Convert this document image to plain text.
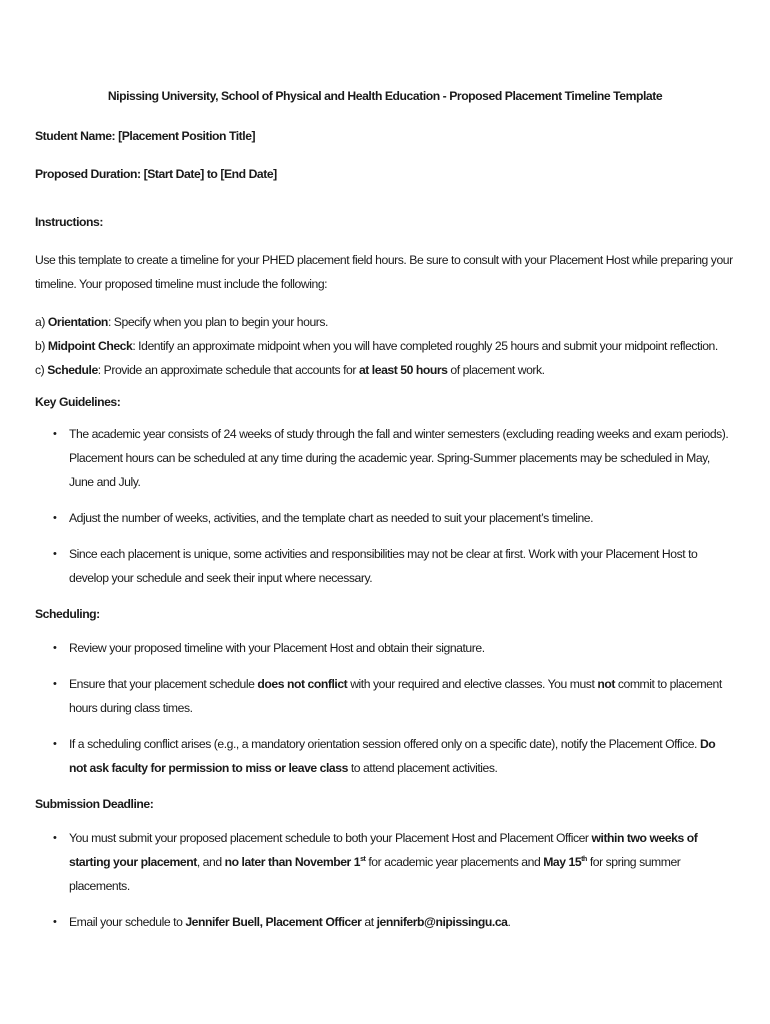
Nipissing University, School of Physical and Health Education - Proposed Placement Timeline Template
Student Name: [Placement Position Title]
Proposed Duration: [Start Date] to [End Date]
Instructions:

Use this template to create a timeline for your PHED placement field hours. Be sure to consult with your Placement Host while preparing your timeline. Your proposed timeline must include the following:

a) Orientation: Specify when you plan to begin your hours.
b) Midpoint Check: Identify an approximate midpoint when you will have completed roughly 25 hours and submit your midpoint reflection.
c) Schedule: Provide an approximate schedule that accounts for at least 50 hours of placement work.
Key Guidelines:
• The academic year consists of 24 weeks of study through the fall and winter semesters (excluding reading weeks and exam periods). Placement hours can be scheduled at any time during the academic year. Spring-Summer placements may be scheduled in May, June and July.
• Adjust the number of weeks, activities, and the template chart as needed to suit your placement’s timeline.
• Since each placement is unique, some activities and responsibilities may not be clear at first. Work with your Placement Host to develop your schedule and seek their input where necessary.
Scheduling:
• Review your proposed timeline with your Placement Host and obtain their signature.
• Ensure that your placement schedule does not conflict with your required and elective classes. You must not commit to placement hours during class times.
• If a scheduling conflict arises (e.g., a mandatory orientation session offered only on a specific date), notify the Placement Office. Do not ask faculty for permission to miss or leave class to attend placement activities.
Submission Deadline:
• You must submit your proposed placement schedule to both your Placement Host and Placement Officer within two weeks of starting your placement, and no later than November 1st for academic year placements and May 15th for spring summer placements.
• Email your schedule to Jennifer Buell, Placement Officer at jenniferb@nipissingu.ca.
